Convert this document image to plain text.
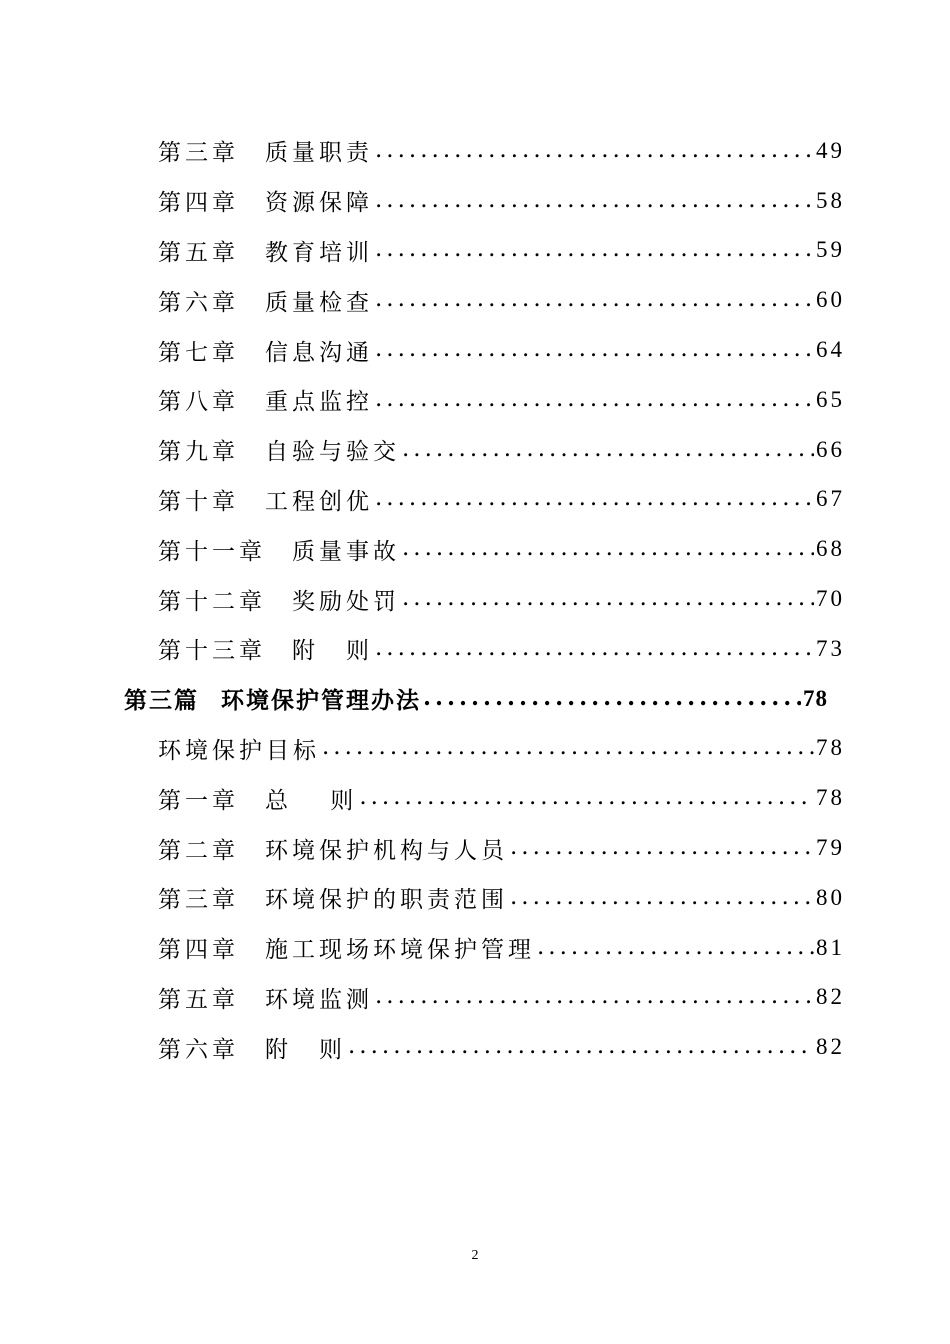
第三章 质量职责 .....	49
第四章 资源保障 .....	58
第五章 教育培训 .....	59
第六章 质量检查 .....	60
第七章 信息沟通 .....	64
第八章 重点监控 .....	65
第九章 自验与验交 .....	66
第十章 工程创优 .....	67
第十一章 质量事故 .....	68
第十二章 奖励处罚 .....	70
第十三章 附　则 .....	73
第三篇 环境保护管理办法 .....	78
环境保护目标 .....	78
第一章 总　 则 .....	78
第二章 环境保护机构与人员 .....	79
第三章 环境保护的职责范围 .....	80
第四章 施工现场环境保护管理 .....	81
第五章 环境监测 .....	82
第六章 附　则 .....	82
2
